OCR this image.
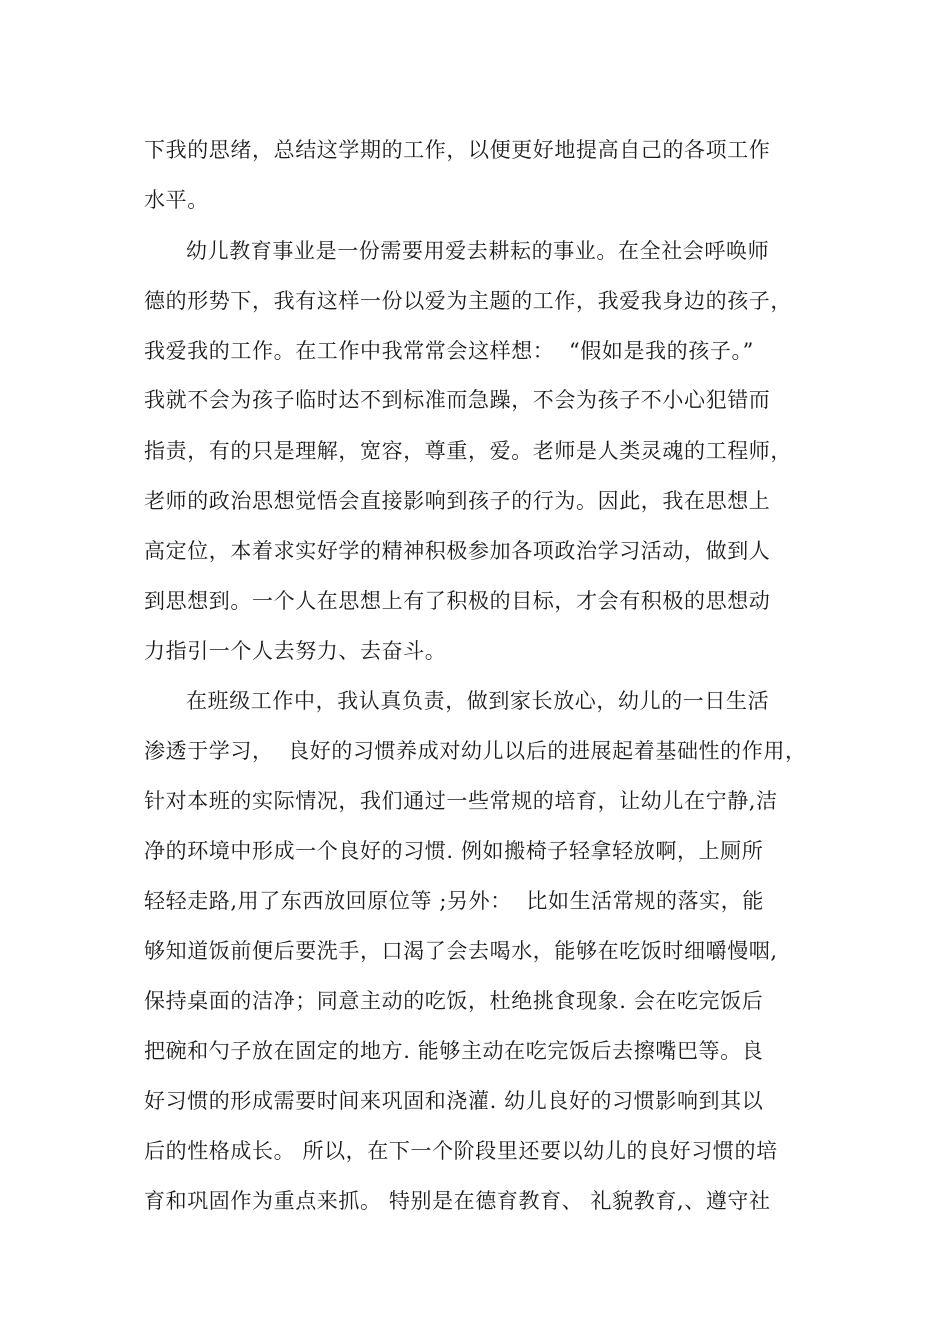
下我的思绪，总结这学期的工作，以便更好地提高自己的各项工作
水平。
幼儿教育事业是一份需要用爱去耕耘的事业。在全社会呼唤师
德的形势下，我有这样一份以爱为主题的工作，我爱我身边的孩子，
我爱我的工作。在工作中我常常会这样想：  “假如是我的孩子。”
我就不会为孩子临时达不到标准而急躁，不会为孩子不小心犯错而
指责，有的只是理解，宽容，尊重，爱。老师是人类灵魂的工程师，
老师的政治思想觉悟会直接影响到孩子的行为。因此，我在思想上
高定位，本着求实好学的精神积极参加各项政治学习活动，做到人
到思想到。一个人在思想上有了积极的目标，才会有积极的思想动
力指引一个人去努力、去奋斗。
在班级工作中，我认真负责，做到家长放心，幼儿的一日生活
渗透于学习，  良好的习惯养成对幼儿以后的进展起着基础性的作用，
针对本班的实际情况，我们通过一些常规的培育，让幼儿在宁静,洁
净的环境中形成一个良好的习惯. 例如搬椅子轻拿轻放啊，上厕所
轻轻走路,用了东西放回原位等 ;另外：  比如生活常规的落实，能
够知道饭前便后要洗手，口渴了会去喝水，能够在吃饭时细嚼慢咽,
保持桌面的洁净；同意主动的吃饭，杜绝挑食现象. 会在吃完饭后
把碗和勺子放在固定的地方. 能够主动在吃完饭后去擦嘴巴等。良
好习惯的形成需要时间来巩固和浇灌. 幼儿良好的习惯影响到其以
后的性格成长。 所以，在下一个阶段里还要以幼儿的良好习惯的培
育和巩固作为重点来抓。 特别是在德育教育、 礼貌教育,、遵守社
